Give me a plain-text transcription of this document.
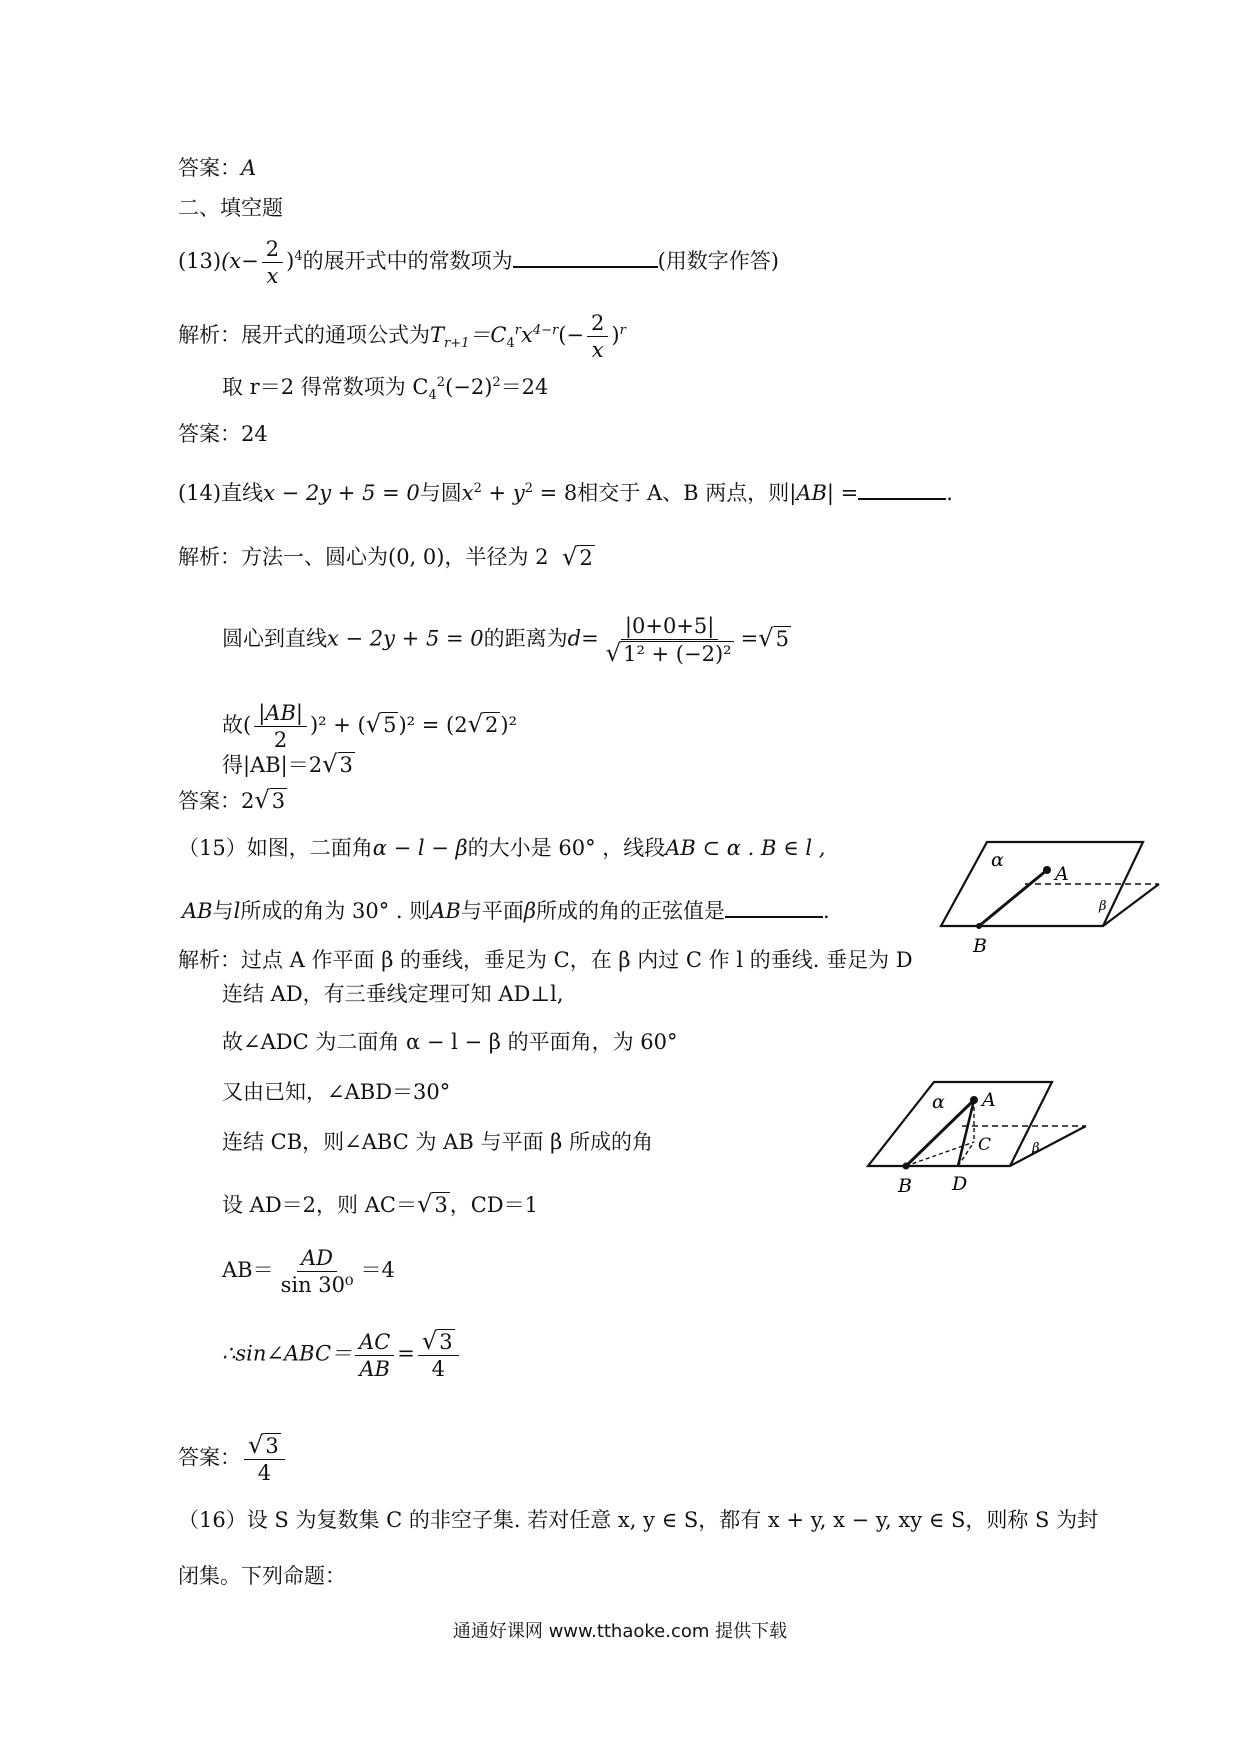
答案：A
二、填空题
$(13)(x- \frac{2}{x} )^4$的展开式中的常数项为	(用数字作答)
解析：展开式的通项公式为$T_{r+1}=C_4^rx^{4-r}(- \frac{2}{x} )^r$
取 r＝2 得常数项为 $C_4^2(-2)^2=24$
答案：24
(14)直线x − 2y + 5 = 0与圆$x^2 + y^2 = 8$相交于 A、B 两点，则|AB| =	.
解析：方法一、圆心为(0, 0)，半径为 2 √2
圆心到直线x − 2y + 5 = 0的距离为$d= \frac{|0+0+5|}{\text{√1² + (−2)²}} =√5$
故( $\frac{|AB|}{2} )^2 + (√5)^2 = (2√2)^2$
得|AB|＝2√3
答案：2√3
（15）如图，二面角α − l − β的大小是 60° ，线段AB ⊂ α . B ∈ l ,
AB与l所成的角为 30° . 则AB与平面β所成的角的正弦值是	.
解析：过点 A 作平面 β 的垂线，垂足为 C，在 β 内过 C 作 l 的垂线. 垂足为 D
连结 AD，有三垂线定理可知 AD⊥l,
故∠ADC 为二面角 α − l − β 的平面角，为 60°
又由已知，∠ABD＝30°
连结 CB，则∠ABC 为 AB 与平面 β 所成的角
设 AD＝2，则 AC＝√3，CD＝1
$AB= \frac{AD}{\text{sin 30⁰}} =4$
∴sin∠ABC＝ $\frac{AC}{AB} = \frac{√3}{4}$
答案： $\frac{√3}{4}$
α
A
β
B
α A
C	β
B D
（16）设 S 为复数集 C 的非空子集. 若对任意 x, y ∈ S，都有 x + y, x − y, xy ∈ S，则称 S 为封
闭集。下列命题：
通通好课网 www.tthaoke.com 提供下载
